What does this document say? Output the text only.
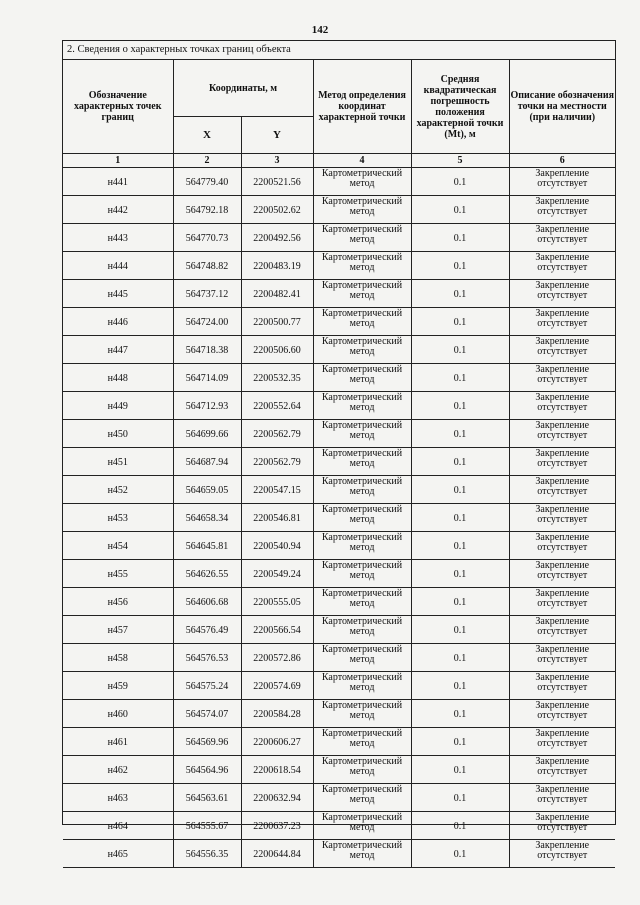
142
2. Сведения о характерных точках границ объекта
Обозначение характерных точек границ	Координаты, м		Метод определения координат характерной точки	Средняя квадратическая погрешность положения характерной точки (Mt), м	Описание обозначения точки на местности (при наличии)
	X	Y			
1	2	3	4	5	6
н441	564779.40	2200521.56	Картометрический метод	0.1	Закрепление отсутствует
н442	564792.18	2200502.62	Картометрический метод	0.1	Закрепление отсутствует
н443	564770.73	2200492.56	Картометрический метод	0.1	Закрепление отсутствует
н444	564748.82	2200483.19	Картометрический метод	0.1	Закрепление отсутствует
н445	564737.12	2200482.41	Картометрический метод	0.1	Закрепление отсутствует
н446	564724.00	2200500.77	Картометрический метод	0.1	Закрепление отсутствует
н447	564718.38	2200506.60	Картометрический метод	0.1	Закрепление отсутствует
н448	564714.09	2200532.35	Картометрический метод	0.1	Закрепление отсутствует
н449	564712.93	2200552.64	Картометрический метод	0.1	Закрепление отсутствует
н450	564699.66	2200562.79	Картометрический метод	0.1	Закрепление отсутствует
н451	564687.94	2200562.79	Картометрический метод	0.1	Закрепление отсутствует
н452	564659.05	2200547.15	Картометрический метод	0.1	Закрепление отсутствует
н453	564658.34	2200546.81	Картометрический метод	0.1	Закрепление отсутствует
н454	564645.81	2200540.94	Картометрический метод	0.1	Закрепление отсутствует
н455	564626.55	2200549.24	Картометрический метод	0.1	Закрепление отсутствует
н456	564606.68	2200555.05	Картометрический метод	0.1	Закрепление отсутствует
н457	564576.49	2200566.54	Картометрический метод	0.1	Закрепление отсутствует
н458	564576.53	2200572.86	Картометрический метод	0.1	Закрепление отсутствует
н459	564575.24	2200574.69	Картометрический метод	0.1	Закрепление отсутствует
н460	564574.07	2200584.28	Картометрический метод	0.1	Закрепление отсутствует
н461	564569.96	2200606.27	Картометрический метод	0.1	Закрепление отсутствует
н462	564564.96	2200618.54	Картометрический метод	0.1	Закрепление отсутствует
н463	564563.61	2200632.94	Картометрический метод	0.1	Закрепление отсутствует
н464	564555.67	2200637.23	Картометрический метод	0.1	Закрепление отсутствует
н465	564556.35	2200644.84	Картометрический метод	0.1	Закрепление отсутствует
